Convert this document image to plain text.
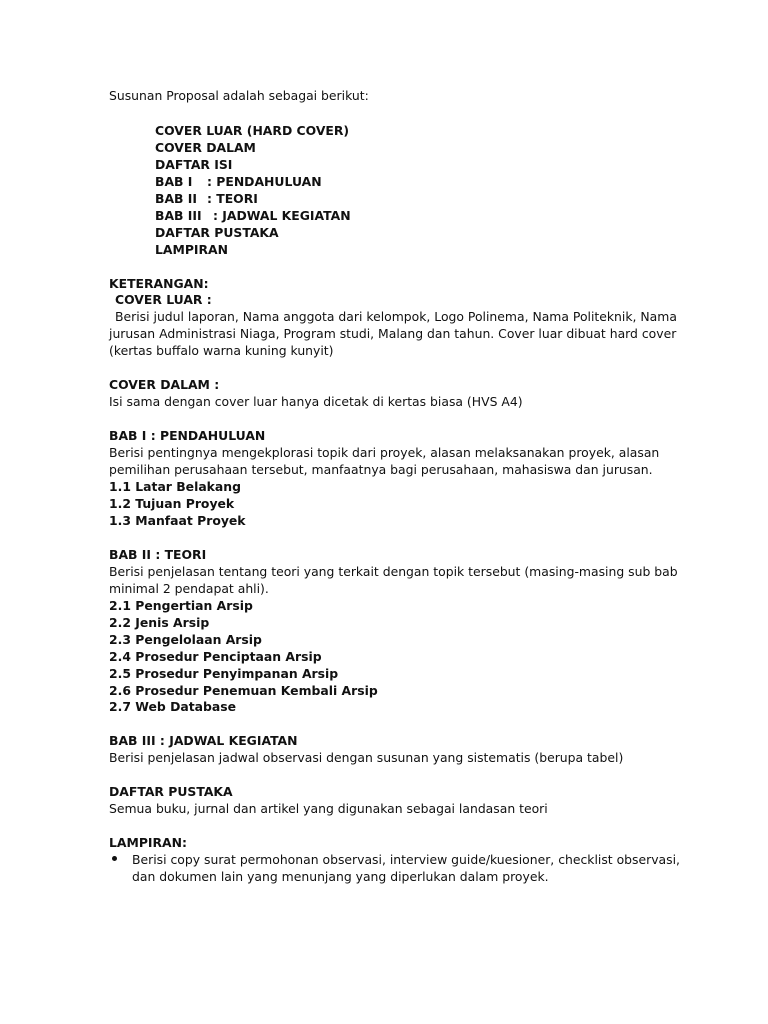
Susunan Proposal adalah sebagai berikut:
COVER LUAR (HARD COVER)
COVER DALAM
DAFTAR ISI
BAB I : PENDAHULUAN
BAB II : TEORI
BAB III : JADWAL KEGIATAN
DAFTAR PUSTAKA
LAMPIRAN
KETERANGAN:
COVER LUAR :
Berisi judul laporan, Nama anggota dari kelompok, Logo Polinema, Nama Politeknik, Nama
jurusan Administrasi Niaga, Program studi, Malang dan tahun. Cover luar dibuat hard cover
(kertas buffalo warna kuning kunyit)
COVER DALAM :
Isi sama dengan cover luar hanya dicetak di kertas biasa (HVS A4)
BAB I : PENDAHULUAN
Berisi pentingnya mengekplorasi topik dari proyek, alasan melaksanakan proyek, alasan
pemilihan perusahaan tersebut, manfaatnya bagi perusahaan, mahasiswa dan jurusan.
1.1 Latar Belakang
1.2 Tujuan Proyek
1.3 Manfaat Proyek
BAB II : TEORI
Berisi penjelasan tentang teori yang terkait dengan topik tersebut (masing-masing sub bab
minimal 2 pendapat ahli).
2.1 Pengertian Arsip
2.2 Jenis Arsip
2.3 Pengelolaan Arsip
2.4 Prosedur Penciptaan Arsip
2.5 Prosedur Penyimpanan Arsip
2.6 Prosedur Penemuan Kembali Arsip
2.7 Web Database
BAB III : JADWAL KEGIATAN
Berisi penjelasan jadwal observasi dengan susunan yang sistematis (berupa tabel)
DAFTAR PUSTAKA
Semua buku, jurnal dan artikel yang digunakan sebagai landasan teori
LAMPIRAN:
Berisi copy surat permohonan observasi, interview guide/kuesioner, checklist observasi,
dan dokumen lain yang menunjang yang diperlukan dalam proyek.
